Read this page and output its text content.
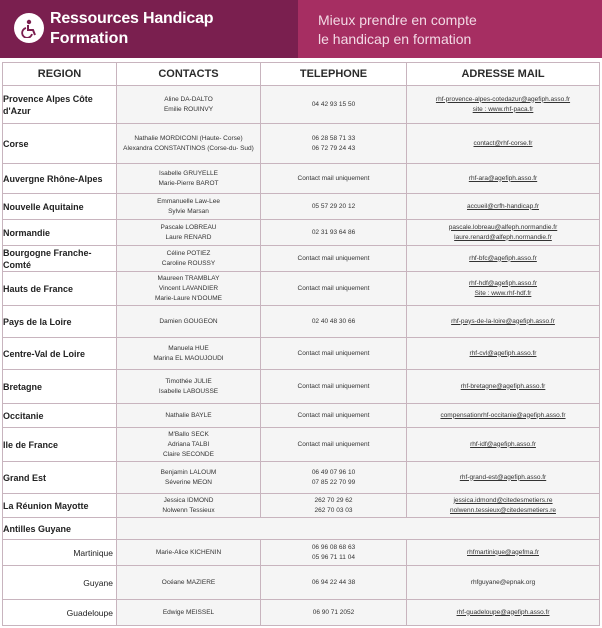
Ressources Handicap
Formation
Mieux prendre en compte
le handicap en formation
REGION	CONTACTS	TELEPHONE	ADRESSE MAIL
Provence Alpes Côte d'Azur	Aline DA-DALTO
Emilie ROUINVY	04 42 93 15 50	rhf-provence-alpes-cotedazur@agefiph.asso.fr
site : www.rhf-paca.fr

Corse	Nathalie MORDICONI (Haute- Corse)
Alexandra CONSTANTINOS (Corse-du- Sud)	06 28 58 71 33
06 72 79 24 43	contact@rhf-corse.fr

Auvergne Rhône-Alpes	Isabelle GRUYELLE
Marie-Pierre BAROT	Contact mail uniquement	rhf-ara@agefiph.asso.fr

Nouvelle Aquitaine	Emmanuelle Law-Lee
Sylvie Marsan	05 57 29 20 12	accueil@crfh-handicap.fr

Normandie	Pascale LOBREAU
Laure RENARD	02 31 93 64 86	pascale.lobreau@alfeph.normandie.fr
laure.renard@alfeph.normandie.fr

Bourgogne Franche-Comté	Céline POTIEZ
Caroline ROUSSY	Contact mail uniquement	rhf-bfc@agefiph.asso.fr

Hauts de France	Maureen TRAMBLAY
Vincent LAVANDIER
Marie-Laure N'DOUME	Contact mail uniquement	rhf-hdf@agefiph.asso.fr
Site : www.rhf-hdf.fr

Pays de la Loire	Damien GOUGEON	02 40 48 30 66	rhf-pays-de-la-loire@agefiph.asso.fr

Centre-Val de Loire	Manuela HUE
Marina EL MAOUJOUDI	Contact mail uniquement	rhf-cvl@agefiph.asso.fr

Bretagne	Timothée JULIE
Isabelle LABOUSSE	Contact mail uniquement	rhf-bretagne@agefiph.asso.fr

Occitanie	Nathalie BAYLE	Contact mail uniquement	compensationrhf-occitanie@agefiph.asso.fr

Ile de France	M'Ballo SECK
Adriana TALBI
Claire SECONDE	Contact mail uniquement	rhf-idf@agefiph.asso.fr

Grand Est	Benjamin LALOUM
Séverine MEON	06 49 07 96 10
07 85 22 70 99	rhf-grand-est@agefiph.asso.fr

La Réunion Mayotte	Jessica IDMOND
Nolwenn Tessieux	262 70 29 62
262 70 03 03	jessica.idmond@citedesmetiers.re
nolwenn.tessieux@citedesmetiers.re

Antilles Guyane			
Martinique	Marie-Alice KICHENIN	06 96 08 68 63
05 96 71 11 04	rhfmartinique@agefma.fr

Guyane	Océane MAZIERE	06 94 22 44 38	rhfguyane@epnak.org

Guadeloupe	Edwige MEISSEL	06 90 71 2052	rhf-guadeloupe@agefiph.asso.fr
